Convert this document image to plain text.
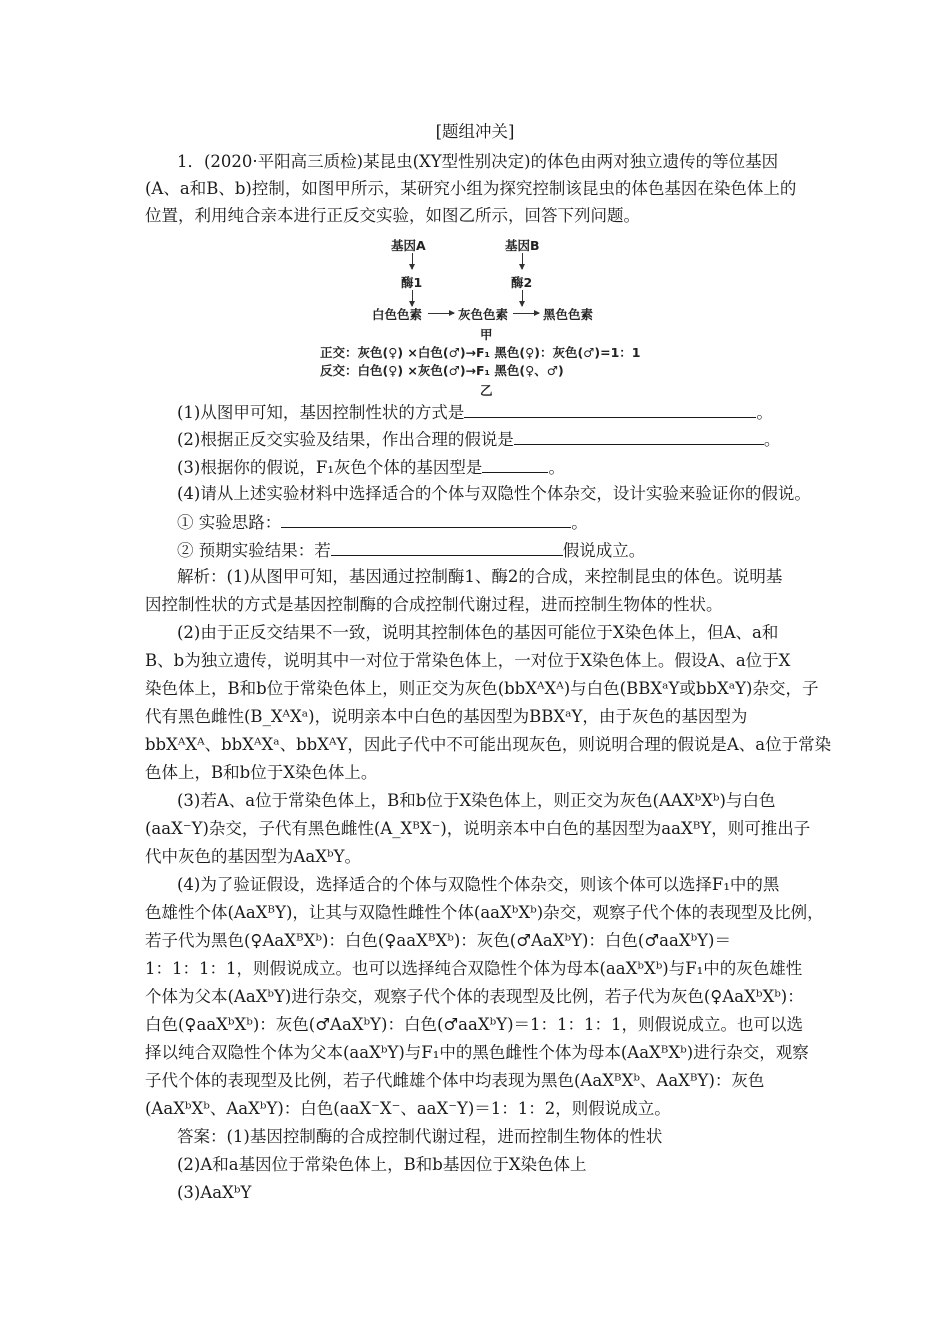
[题组冲关]
1．(2020·平阳高三质检)某昆虫(XY型性别决定)的体色由两对独立遗传的等位基因
(A、a和B、b)控制，如图甲所示，某研究小组为探究控制该昆虫的体色基因在染色体上的
位置，利用纯合亲本进行正反交实验，如图乙所示，回答下列问题。
基因A	基因B
酶1	酶2
白色色素	灰色色素	黑色色素
甲
正交：灰色(♀) ×白色(♂)→F₁ 黑色(♀)：灰色(♂)=1：1
反交：白色(♀) ×灰色(♂)→F₁ 黑色(♀、♂)
乙
(1)从图甲可知，基因控制性状的方式是	。
(2)根据正反交实验及结果，作出合理的假说是	。
(3)根据你的假说，F₁灰色个体的基因型是	。
(4)请从上述实验材料中选择适合的个体与双隐性个体杂交，设计实验来验证你的假说。
① 实验思路：	。
② 预期实验结果：若	假说成立。
解析：(1)从图甲可知，基因通过控制酶1、酶2的合成，来控制昆虫的体色。说明基
因控制性状的方式是基因控制酶的合成控制代谢过程，进而控制生物体的性状。
(2)由于正反交结果不一致，说明其控制体色的基因可能位于X染色体上，但A、a和
B、b为独立遗传，说明其中一对位于常染色体上，一对位于X染色体上。假设A、a位于X
染色体上，B和b位于常染色体上，则正交为灰色(bbXᴬXᴬ)与白色(BBXᵃY或bbXᵃY)杂交，子
代有黑色雌性(B_XᴬXᵃ)，说明亲本中白色的基因型为BBXᵃY，由于灰色的基因型为
bbXᴬXᴬ、bbXᴬXᵃ、bbXᴬY，因此子代中不可能出现灰色，则说明合理的假说是A、a位于常染
色体上，B和b位于X染色体上。
(3)若A、a位于常染色体上，B和b位于X染色体上，则正交为灰色(AAXᵇXᵇ)与白色
(aaX⁻Y)杂交，子代有黑色雌性(A_XᴮX⁻)，说明亲本中白色的基因型为aaXᴮY，则可推出子
代中灰色的基因型为AaXᵇY。
(4)为了验证假设，选择适合的个体与双隐性个体杂交，则该个体可以选择F₁中的黑
色雄性个体(AaXᴮY)，让其与双隐性雌性个体(aaXᵇXᵇ)杂交，观察子代个体的表现型及比例，
若子代为黑色(♀AaXᴮXᵇ)：白色(♀aaXᴮXᵇ)：灰色(♂AaXᵇY)：白色(♂aaXᵇY)＝
1：1：1：1，则假说成立。也可以选择纯合双隐性个体为母本(aaXᵇXᵇ)与F₁中的灰色雄性
个体为父本(AaXᵇY)进行杂交，观察子代个体的表现型及比例，若子代为灰色(♀AaXᵇXᵇ)：
白色(♀aaXᵇXᵇ)：灰色(♂AaXᵇY)：白色(♂aaXᵇY)＝1：1：1：1，则假说成立。也可以选
择以纯合双隐性个体为父本(aaXᵇY)与F₁中的黑色雌性个体为母本(AaXᴮXᵇ)进行杂交，观察
子代个体的表现型及比例，若子代雌雄个体中均表现为黑色(AaXᴮXᵇ、AaXᴮY)：灰色
(AaXᵇXᵇ、AaXᵇY)：白色(aaX⁻X⁻、aaX⁻Y)＝1：1：2，则假说成立。
答案：(1)基因控制酶的合成控制代谢过程，进而控制生物体的性状
(2)A和a基因位于常染色体上，B和b基因位于X染色体上
(3)AaXᵇY
